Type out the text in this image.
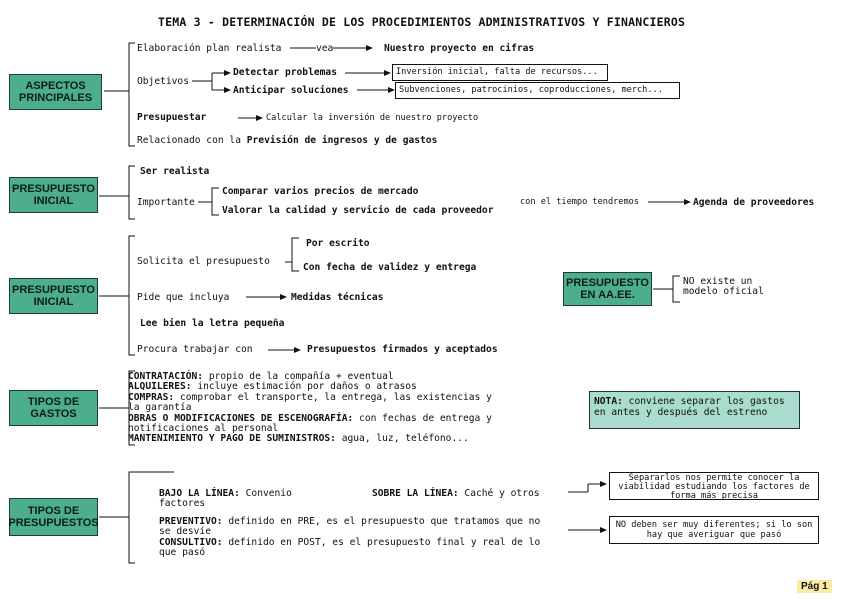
TEMA 3 - DETERMINACIÓN DE LOS PROCEDIMIENTOS ADMINISTRATIVOS Y FINANCIEROS
ASPECTOS
PRINCIPALES
Elaboración plan realista	vea	Nuestro proyecto en cifras
Objetivos
Detectar problemas
Anticipar soluciones
Inversión inicial, falta de recursos...
Subvenciones, patrocinios, coproducciones, merch...
Presupuestar	Calcular la inversión de nuestro proyecto
Relacionado con la Previsión de ingresos y de gastos
PRESUPUESTO
INICIAL
Ser realista
Importante
Comparar varios precios de mercado
Valorar la calidad y servicio de cada proveedor
con el tiempo tendremos	Agenda de proveedores
PRESUPUESTO
INICIAL
Solicita el presupuesto
Por escrito
Con fecha de validez y entrega
Pide que incluya	Medidas técnicas
Lee bien la letra pequeña
Procura trabajar con	Presupuestos firmados y aceptados
PRESUPUESTO
EN AA.EE.
NO existe un
modelo oficial
TIPOS DE
GASTOS
CONTRATACIÓN: propio de la compañía + eventual
ALQUILERES: incluye estimación por daños o atrasos
COMPRAS: comprobar el transporte, la entrega, las existencias y
la garantía
OBRAS O MODIFICACIONES DE ESCENOGRAFÍA: con fechas de entrega y
notificaciones al personal
MANTENIMIENTO Y PAGO DE SUMINISTROS: agua, luz, teléfono...
NOTA: conviene separar los gastos
en antes y después del estreno
TIPOS DE
PRESUPUESTOS
BAJO LA LÍNEA: Convenio
factores
SOBRE LA LÍNEA: Caché y otros
PREVENTIVO: definido en PRE, es el presupuesto que tratamos que no
se desvíe
CONSULTIVO: definido en POST, es el presupuesto final y real de lo
que pasó
Separarlos nos permite conocer la
viabilidad estudiando los factores de
forma más precisa
NO deben ser muy diferentes; si lo son
hay que averiguar que pasó
Pág 1
